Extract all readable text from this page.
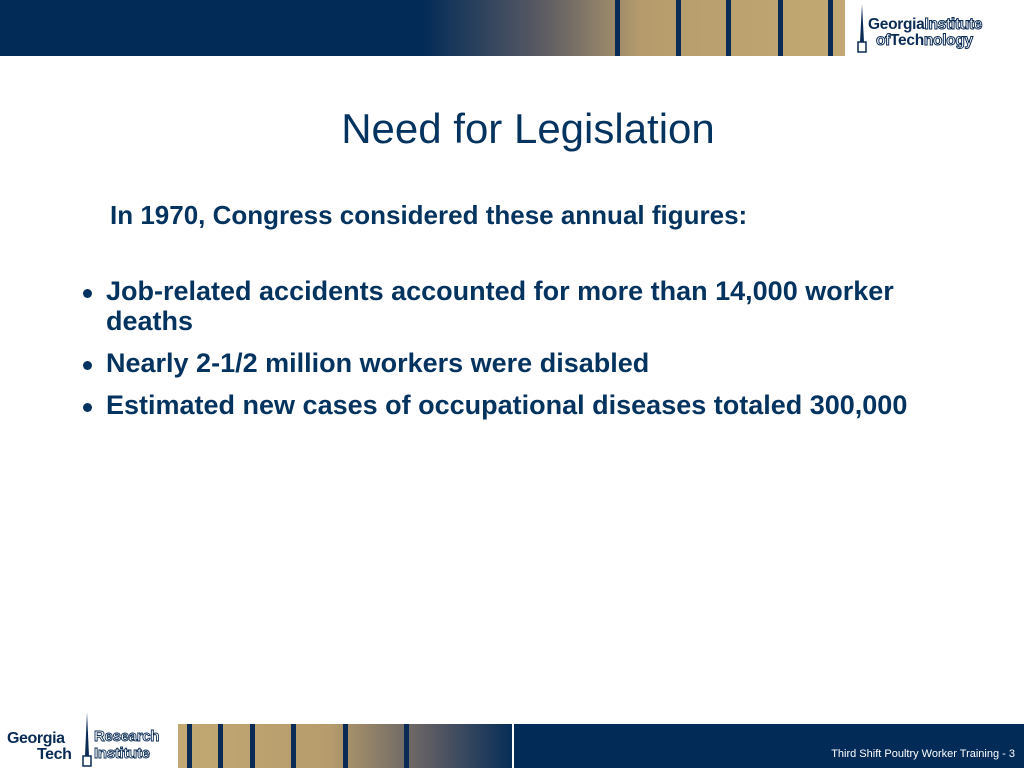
GeorgiaInstitute
ofTechnology
Need for Legislation
In 1970, Congress considered these annual figures:
Job-related accidents accounted for more than 14,000 worker deaths
Nearly 2-1/2 million workers were disabled
Estimated new cases of occupational diseases totaled 300,000
Georgia
Tech
Research
Institute	Third Shift Poultry Worker Training - 3
